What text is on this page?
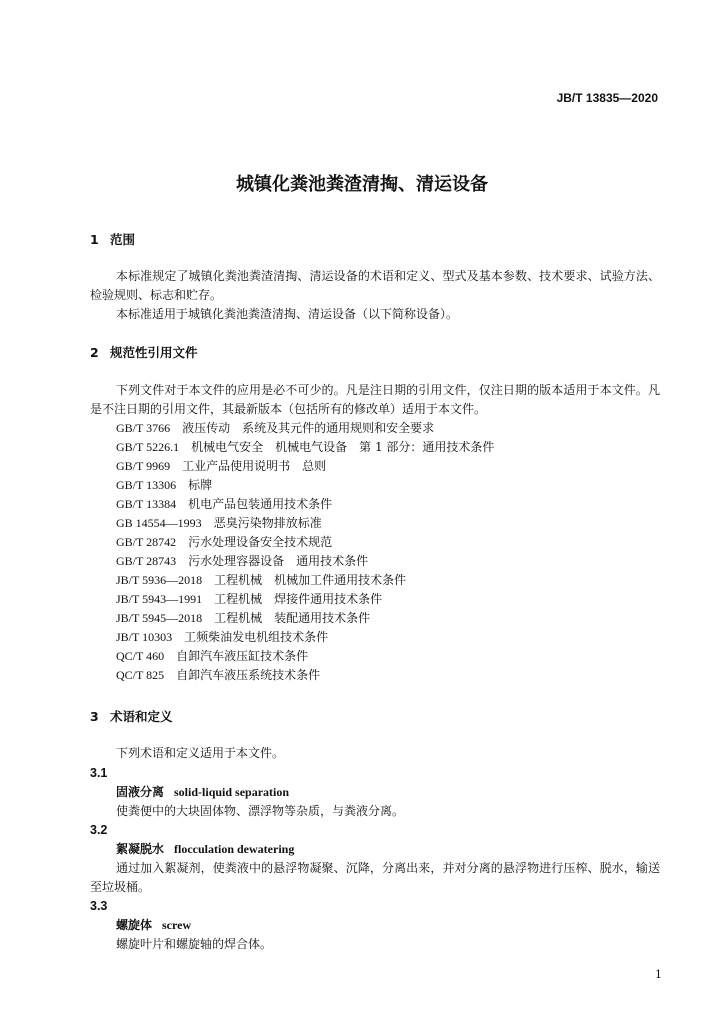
JB/T 13835—2020
城镇化粪池粪渣清掏、清运设备
1 范围
本标准规定了城镇化粪池粪渣清掏、清运设备的术语和定义、型式及基本参数、技术要求、试验方法、检验规则、标志和贮存。
本标准适用于城镇化粪池粪渣清掏、清运设备（以下简称设备）。
2 规范性引用文件
下列文件对于本文件的应用是必不可少的。凡是注日期的引用文件，仅注日期的版本适用于本文件。凡是不注日期的引用文件，其最新版本（包括所有的修改单）适用于本文件。
GB/T 3766　 液压传动　系统及其元件的通用规则和安全要求
GB/T 5226.1　 机械电气安全　机械电气设备　第 1 部分：通用技术条件
GB/T 9969　 工业产品使用说明书　总则
GB/T 13306　 标牌
GB/T 13384　 机电产品包装通用技术条件
GB 14554—1993　 恶臭污染物排放标准
GB/T 28742　 污水处理设备安全技术规范
GB/T 28743　 污水处理容器设备　通用技术条件
JB/T 5936—2018　 工程机械　机械加工件通用技术条件
JB/T 5943—1991　 工程机械　焊接件通用技术条件
JB/T 5945—2018　 工程机械　装配通用技术条件
JB/T 10303　 工频柴油发电机组技术条件
QC/T 460　 自卸汽车液压缸技术条件
QC/T 825　 自卸汽车液压系统技术条件
3 术语和定义
下列术语和定义适用于本文件。
3.1
固液分离 solid-liquid separation
使粪便中的大块固体物、漂浮物等杂质，与粪液分离。
3.2
絮凝脱水 flocculation dewatering
通过加入絮凝剂，使粪液中的悬浮物凝聚、沉降，分离出来，并对分离的悬浮物进行压榨、脱水，输送至垃圾桶。
3.3
螺旋体 screw
螺旋叶片和螺旋轴的焊合体。
1
